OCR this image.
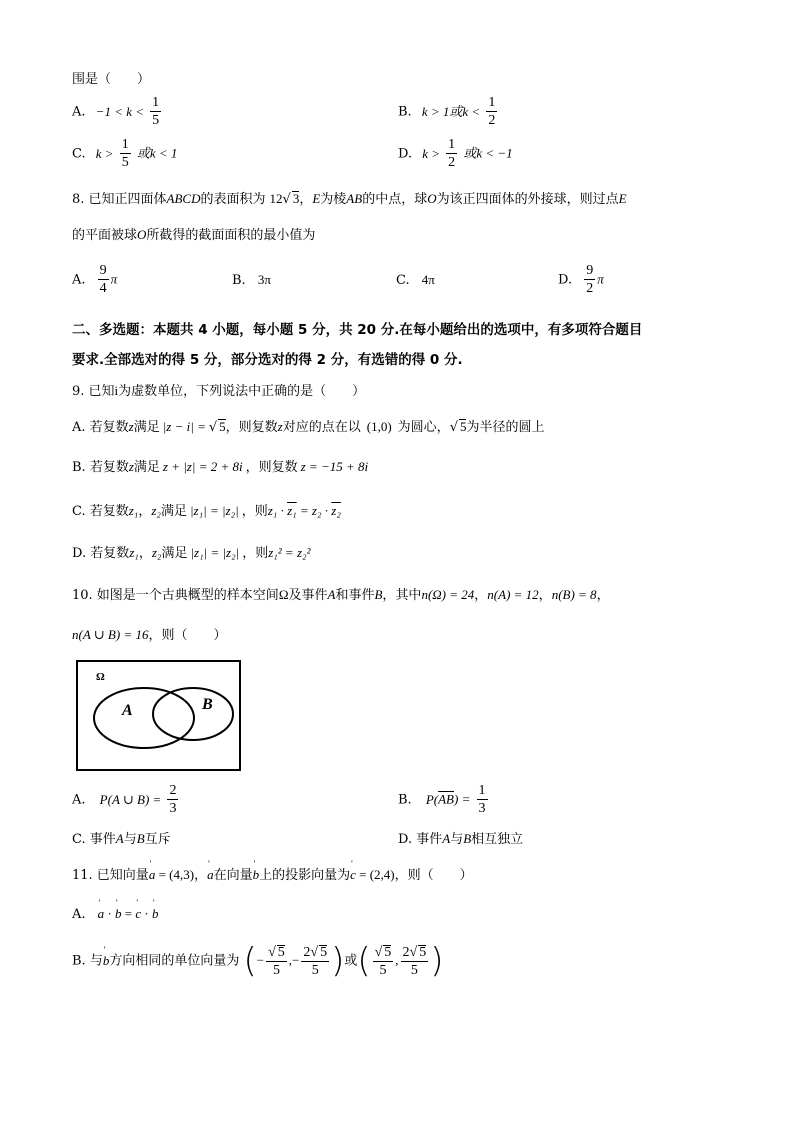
围是（　　）
A. $-1 < k < \frac{1}{5}$	B. k > 1或$k < \frac{1}{2}$
C. $k > \frac{1}{5}$ 或k < 1	D. $k > \frac{1}{2}$ 或k < −1
8. 已知正四面体ABCD的表面积为 12√ 3，E为棱AB的中点，球O为该正四面体的外接球，则过点E
的平面被球O所截得的截面面积的最小值为
A. $\frac{9}{4}$ π	B. 3π	C. 4π	D. $\frac{9}{2}$ π
二、多选题：本题共 4 小题，每小题 5 分，共 20 分.在每小题给出的选项中，有多项符合题目
要求.全部选对的得 5 分，部分选对的得 2 分，有选错的得 0 分.
9. 已知i为虚数单位，下列说法中正确的是（　　）
A. 若复数z满足 |z − i| = √ 5，则复数z对应的点在以 (1,0) 为圆心，√ 5为半径的圆上
B. 若复数z满足 z + |z| = 2 + 8i ，则复数 z = −15 + 8i
C. 若复数z₁，z₂满足 |z₁| = |z₂| ，则z₁ · z₁ = z₂ · z₂
D. 若复数z₁，z₂满足 |z₁| = |z₂| ，则z₁² = z₂²
10. 如图是一个古典概型的样本空间Ω及事件A和事件B，其中n(Ω) = 24，n(A) = 12，n(B) = 8，
n(A ∪ B) = 16，则（　　）
Ω
A	B
A. P(A ∪ $B) = \frac{2}{3}$	B. $P(\overline{AB}) = \frac{1}{3}$
C. 事件A与B互斥	D. 事件A与B相互独立
11. 已知向量' a = (4,3)，' a在向量' b上的投影向量为' c = (2,4)，则（　　）
A. ' a · ' b = ' c · ' b
B. 与' b方向相同的单位向量为 (− $\frac{√ 5}{5}$ ,− $\frac{2√ 5}{5}$ )或( $\frac{√ 5}{5}$ , $\frac{2√ 5}{5}$ )
